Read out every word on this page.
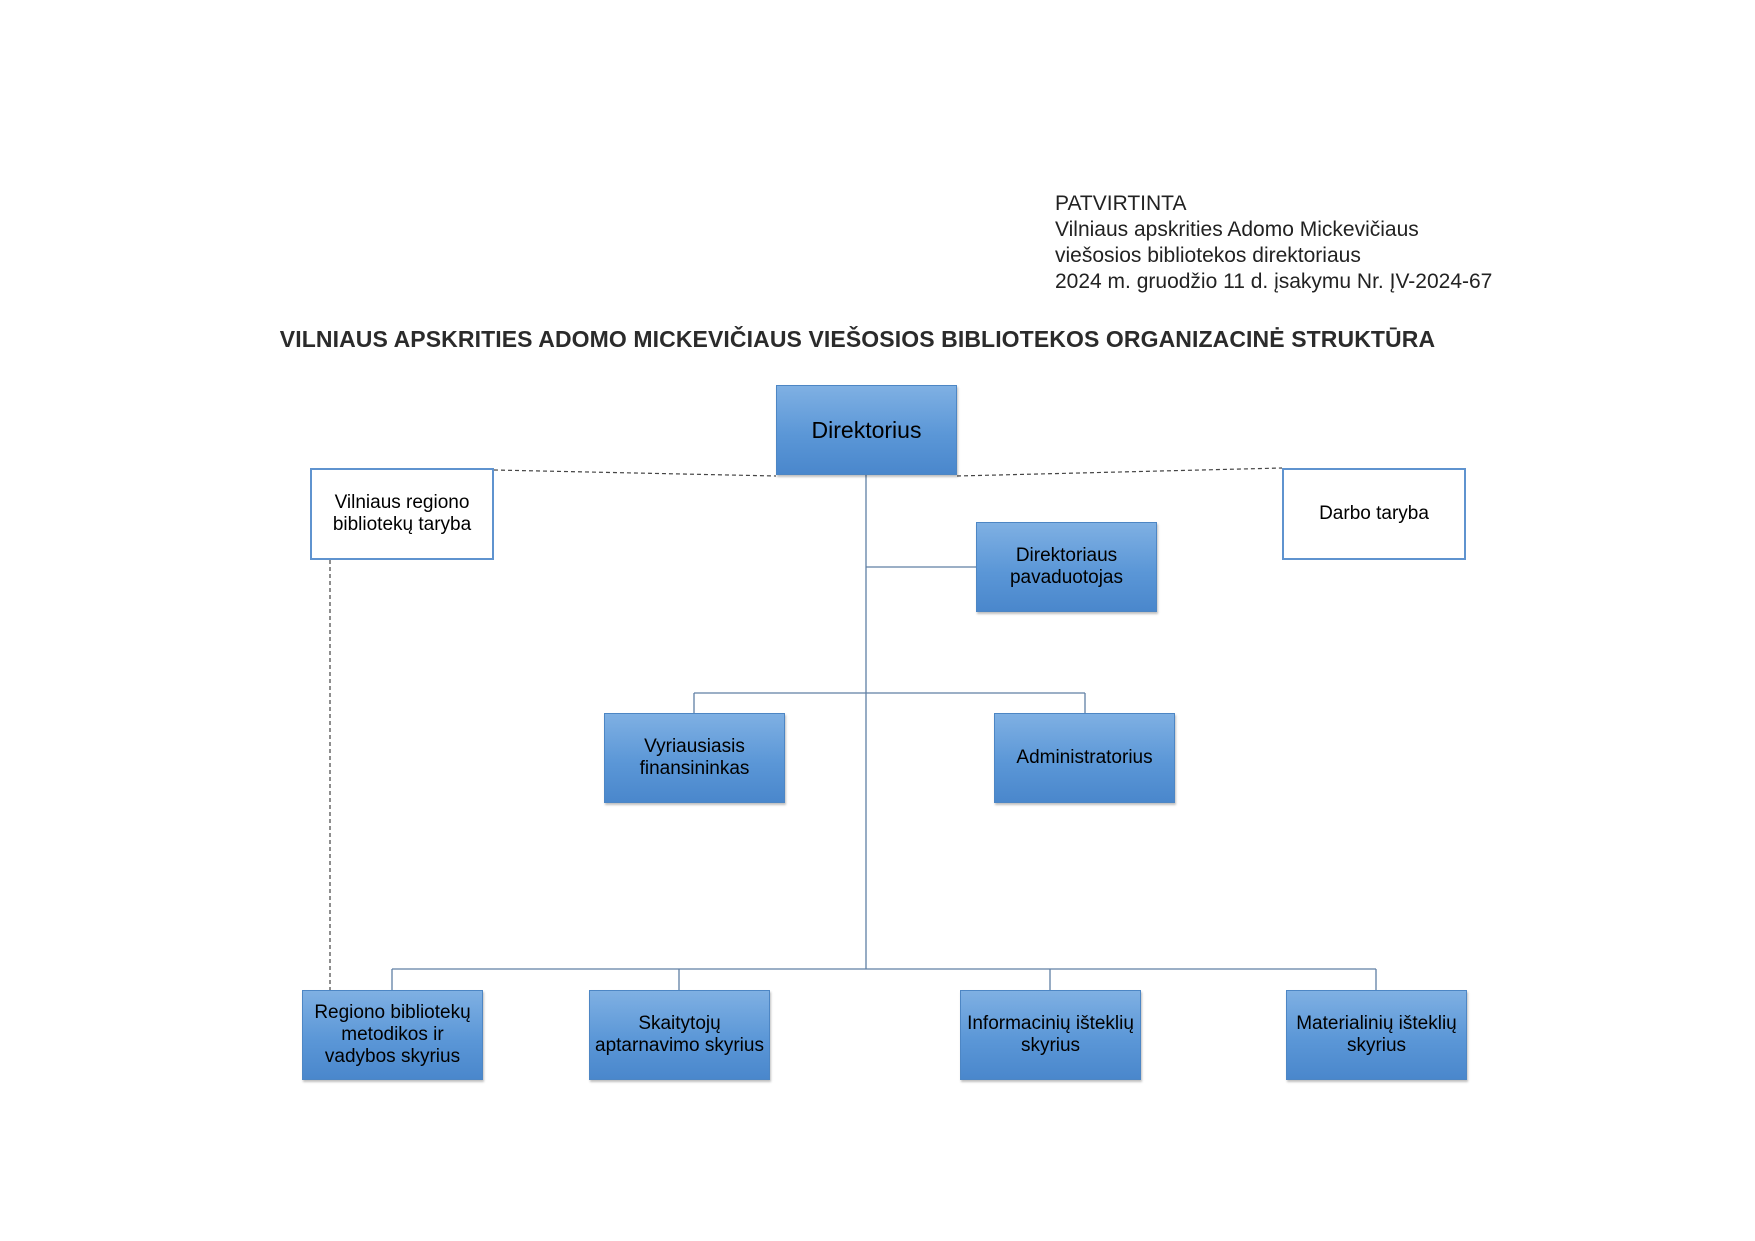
PATVIRTINTA
Vilniaus apskrities Adomo Mickevičiaus
viešosios bibliotekos direktoriaus
2024 m. gruodžio 11 d. įsakymu Nr. ĮV-2024-67
VILNIAUS APSKRITIES ADOMO MICKEVIČIAUS VIEŠOSIOS BIBLIOTEKOS ORGANIZACINĖ STRUKTŪRA
Direktorius
Vilniaus regiono bibliotekų taryba
Darbo taryba
Direktoriaus pavaduotojas
Vyriausiasis finansininkas
Administratorius
Regiono bibliotekų metodikos ir vadybos skyrius
Skaitytojų aptarnavimo skyrius
Informacinių išteklių skyrius
Materialinių išteklių skyrius
